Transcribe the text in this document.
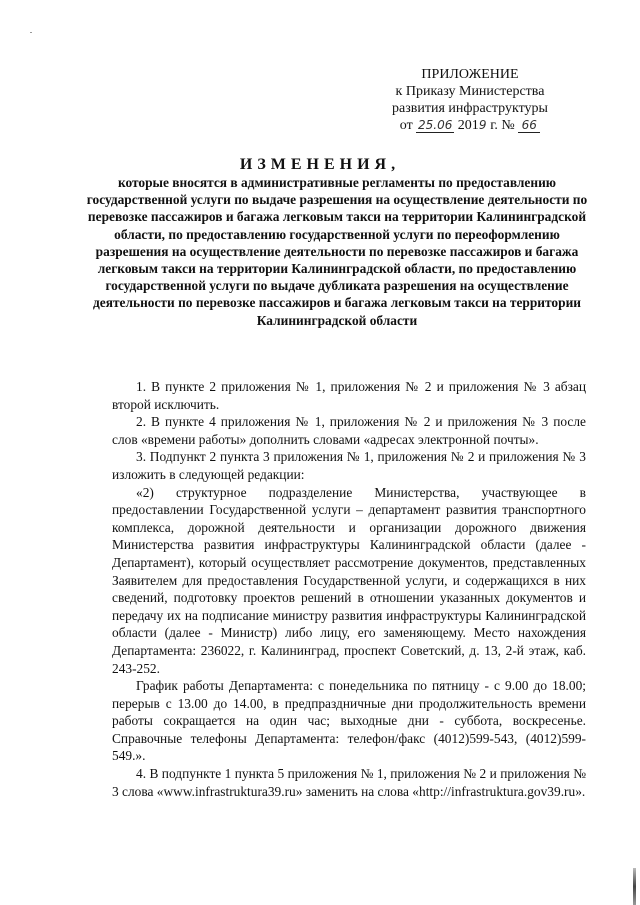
ПРИЛОЖЕНИЕ
к Приказу Министерства
развития инфраструктуры
от 25.06 2019 г. № 66
ИЗМЕНЕНИЯ,
которые вносятся в административные регламенты по предоставлению государственной услуги по выдаче разрешения на осуществление деятельности по перевозке пассажиров и багажа легковым такси на территории Калининградской области, по предоставлению государственной услуги по переоформлению разрешения на осуществление деятельности по перевозке пассажиров и багажа легковым такси на территории Калининградской области, по предоставлению государственной услуги по выдаче дубликата разрешения на осуществление деятельности по перевозке пассажиров и багажа легковым такси на территории Калининградской области

1. В пункте 2 приложения № 1, приложения № 2 и приложения № 3 абзац второй исключить.

2. В пункте 4 приложения № 1, приложения № 2 и приложения № 3 после слов «времени работы» дополнить словами «адресах электронной почты».

3. Подпункт 2 пункта 3 приложения № 1, приложения № 2 и приложения № 3 изложить в следующей редакции:

«2) структурное подразделение Министерства, участвующее в предоставлении Государственной услуги – департамент развития транспортного комплекса, дорожной деятельности и организации дорожного движения Министерства развития инфраструктуры Калининградской области (далее - Департамент), который осуществляет рассмотрение документов, представленных Заявителем для предоставления Государственной услуги, и содержащихся в них сведений, подготовку проектов решений в отношении указанных документов и передачу их на подписание министру развития инфраструктуры Калининградской области (далее - Министр) либо лицу, его заменяющему. Место нахождения Департамента: 236022, г. Калининград, проспект Советский, д. 13, 2-й этаж, каб. 243-252.

График работы Департамента: с понедельника по пятницу - с 9.00 до 18.00; перерыв с 13.00 до 14.00, в предпраздничные дни продолжительность времени работы сокращается на один час; выходные дни - суббота, воскресенье. Справочные телефоны Департамента: телефон/факс (4012)599-543, (4012)599-549.».

4. В подпункте 1 пункта 5 приложения № 1, приложения № 2 и приложения № 3 слова «www.infrastruktura39.ru» заменить на слова «http://infrastruktura.gov39.ru».
